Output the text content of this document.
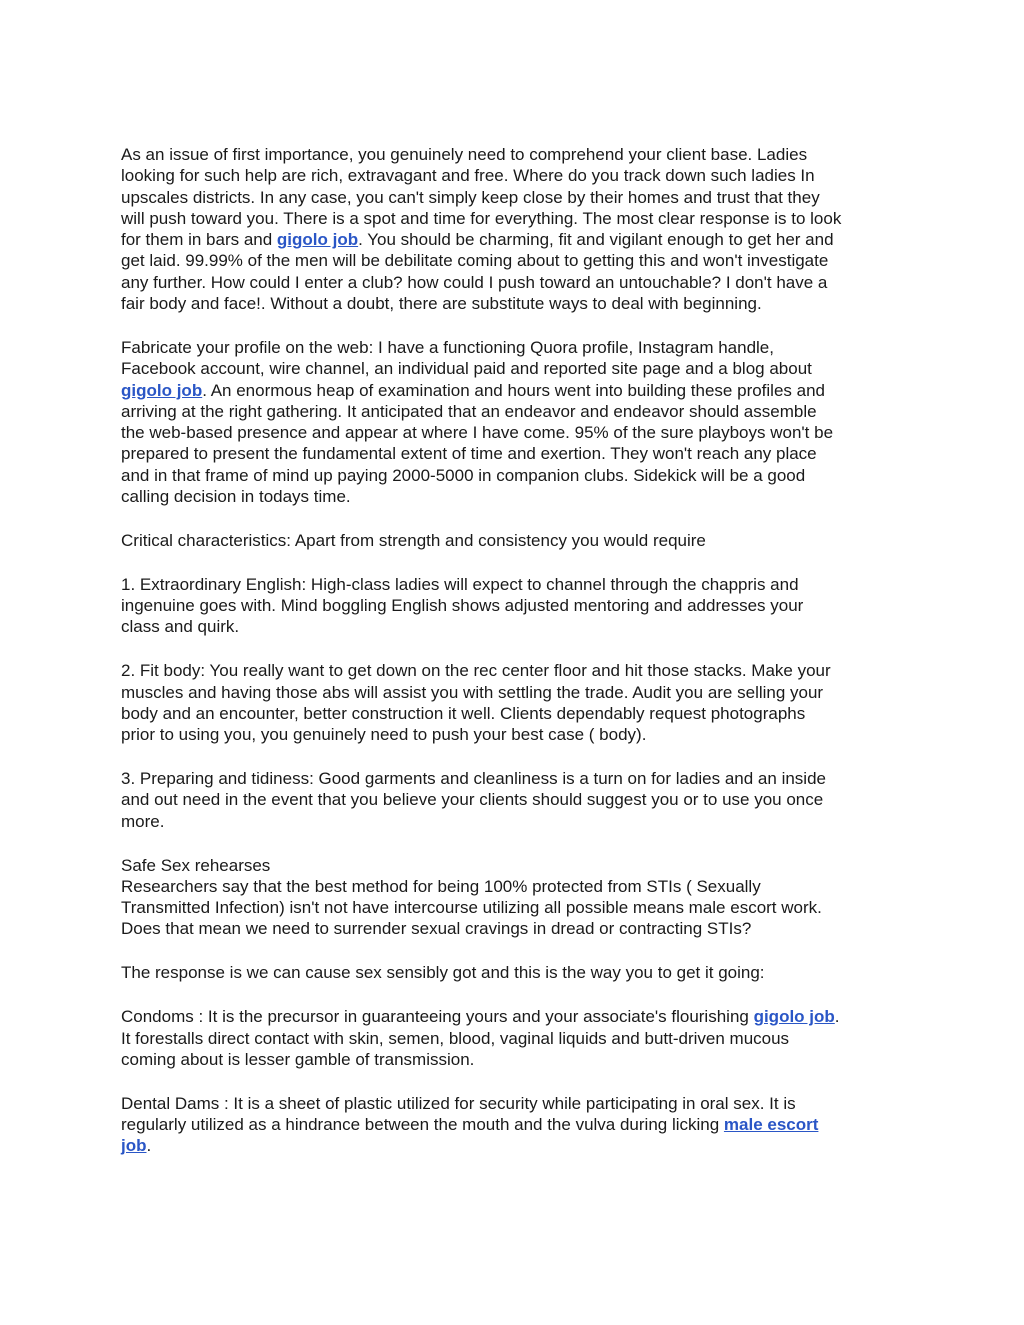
As an issue of first importance, you genuinely need to comprehend your client base. Ladies
looking for such help are rich, extravagant and free. Where do you track down such ladies In
upscales districts. In any case, you can't simply keep close by their homes and trust that they
will push toward you. There is a spot and time for everything. The most clear response is to look
for them in bars and gigolo job. You should be charming, fit and vigilant enough to get her and
get laid. 99.99% of the men will be debilitate coming about to getting this and won't investigate
any further. How could I enter a club? how could I push toward an untouchable? I don't have a
fair body and face!. Without a doubt, there are substitute ways to deal with beginning.

Fabricate your profile on the web: I have a functioning Quora profile, Instagram handle,
Facebook account, wire channel, an individual paid and reported site page and a blog about
gigolo job. An enormous heap of examination and hours went into building these profiles and
arriving at the right gathering. It anticipated that an endeavor and endeavor should assemble
the web-based presence and appear at where I have come. 95% of the sure playboys won't be
prepared to present the fundamental extent of time and exertion. They won't reach any place
and in that frame of mind up paying 2000-5000 in companion clubs. Sidekick will be a good
calling decision in todays time.

Critical characteristics: Apart from strength and consistency you would require

1. Extraordinary English: High-class ladies will expect to channel through the chappris and
ingenuine goes with. Mind boggling English shows adjusted mentoring and addresses your
class and quirk.

2. Fit body: You really want to get down on the rec center floor and hit those stacks. Make your
muscles and having those abs will assist you with settling the trade. Audit you are selling your
body and an encounter, better construction it well. Clients dependably request photographs
prior to using you, you genuinely need to push your best case ( body).

3. Preparing and tidiness: Good garments and cleanliness is a turn on for ladies and an inside
and out need in the event that you believe your clients should suggest you or to use you once
more.

Safe Sex rehearses
Researchers say that the best method for being 100% protected from STIs ( Sexually
Transmitted Infection) isn't not have intercourse utilizing all possible means male escort work.
Does that mean we need to surrender sexual cravings in dread or contracting STIs?

The response is we can cause sex sensibly got and this is the way you to get it going:

Condoms : It is the precursor in guaranteeing yours and your associate's flourishing gigolo job.
It forestalls direct contact with skin, semen, blood, vaginal liquids and butt-driven mucous
coming about is lesser gamble of transmission.

Dental Dams : It is a sheet of plastic utilized for security while participating in oral sex. It is
regularly utilized as a hindrance between the mouth and the vulva during licking male escort
job.
